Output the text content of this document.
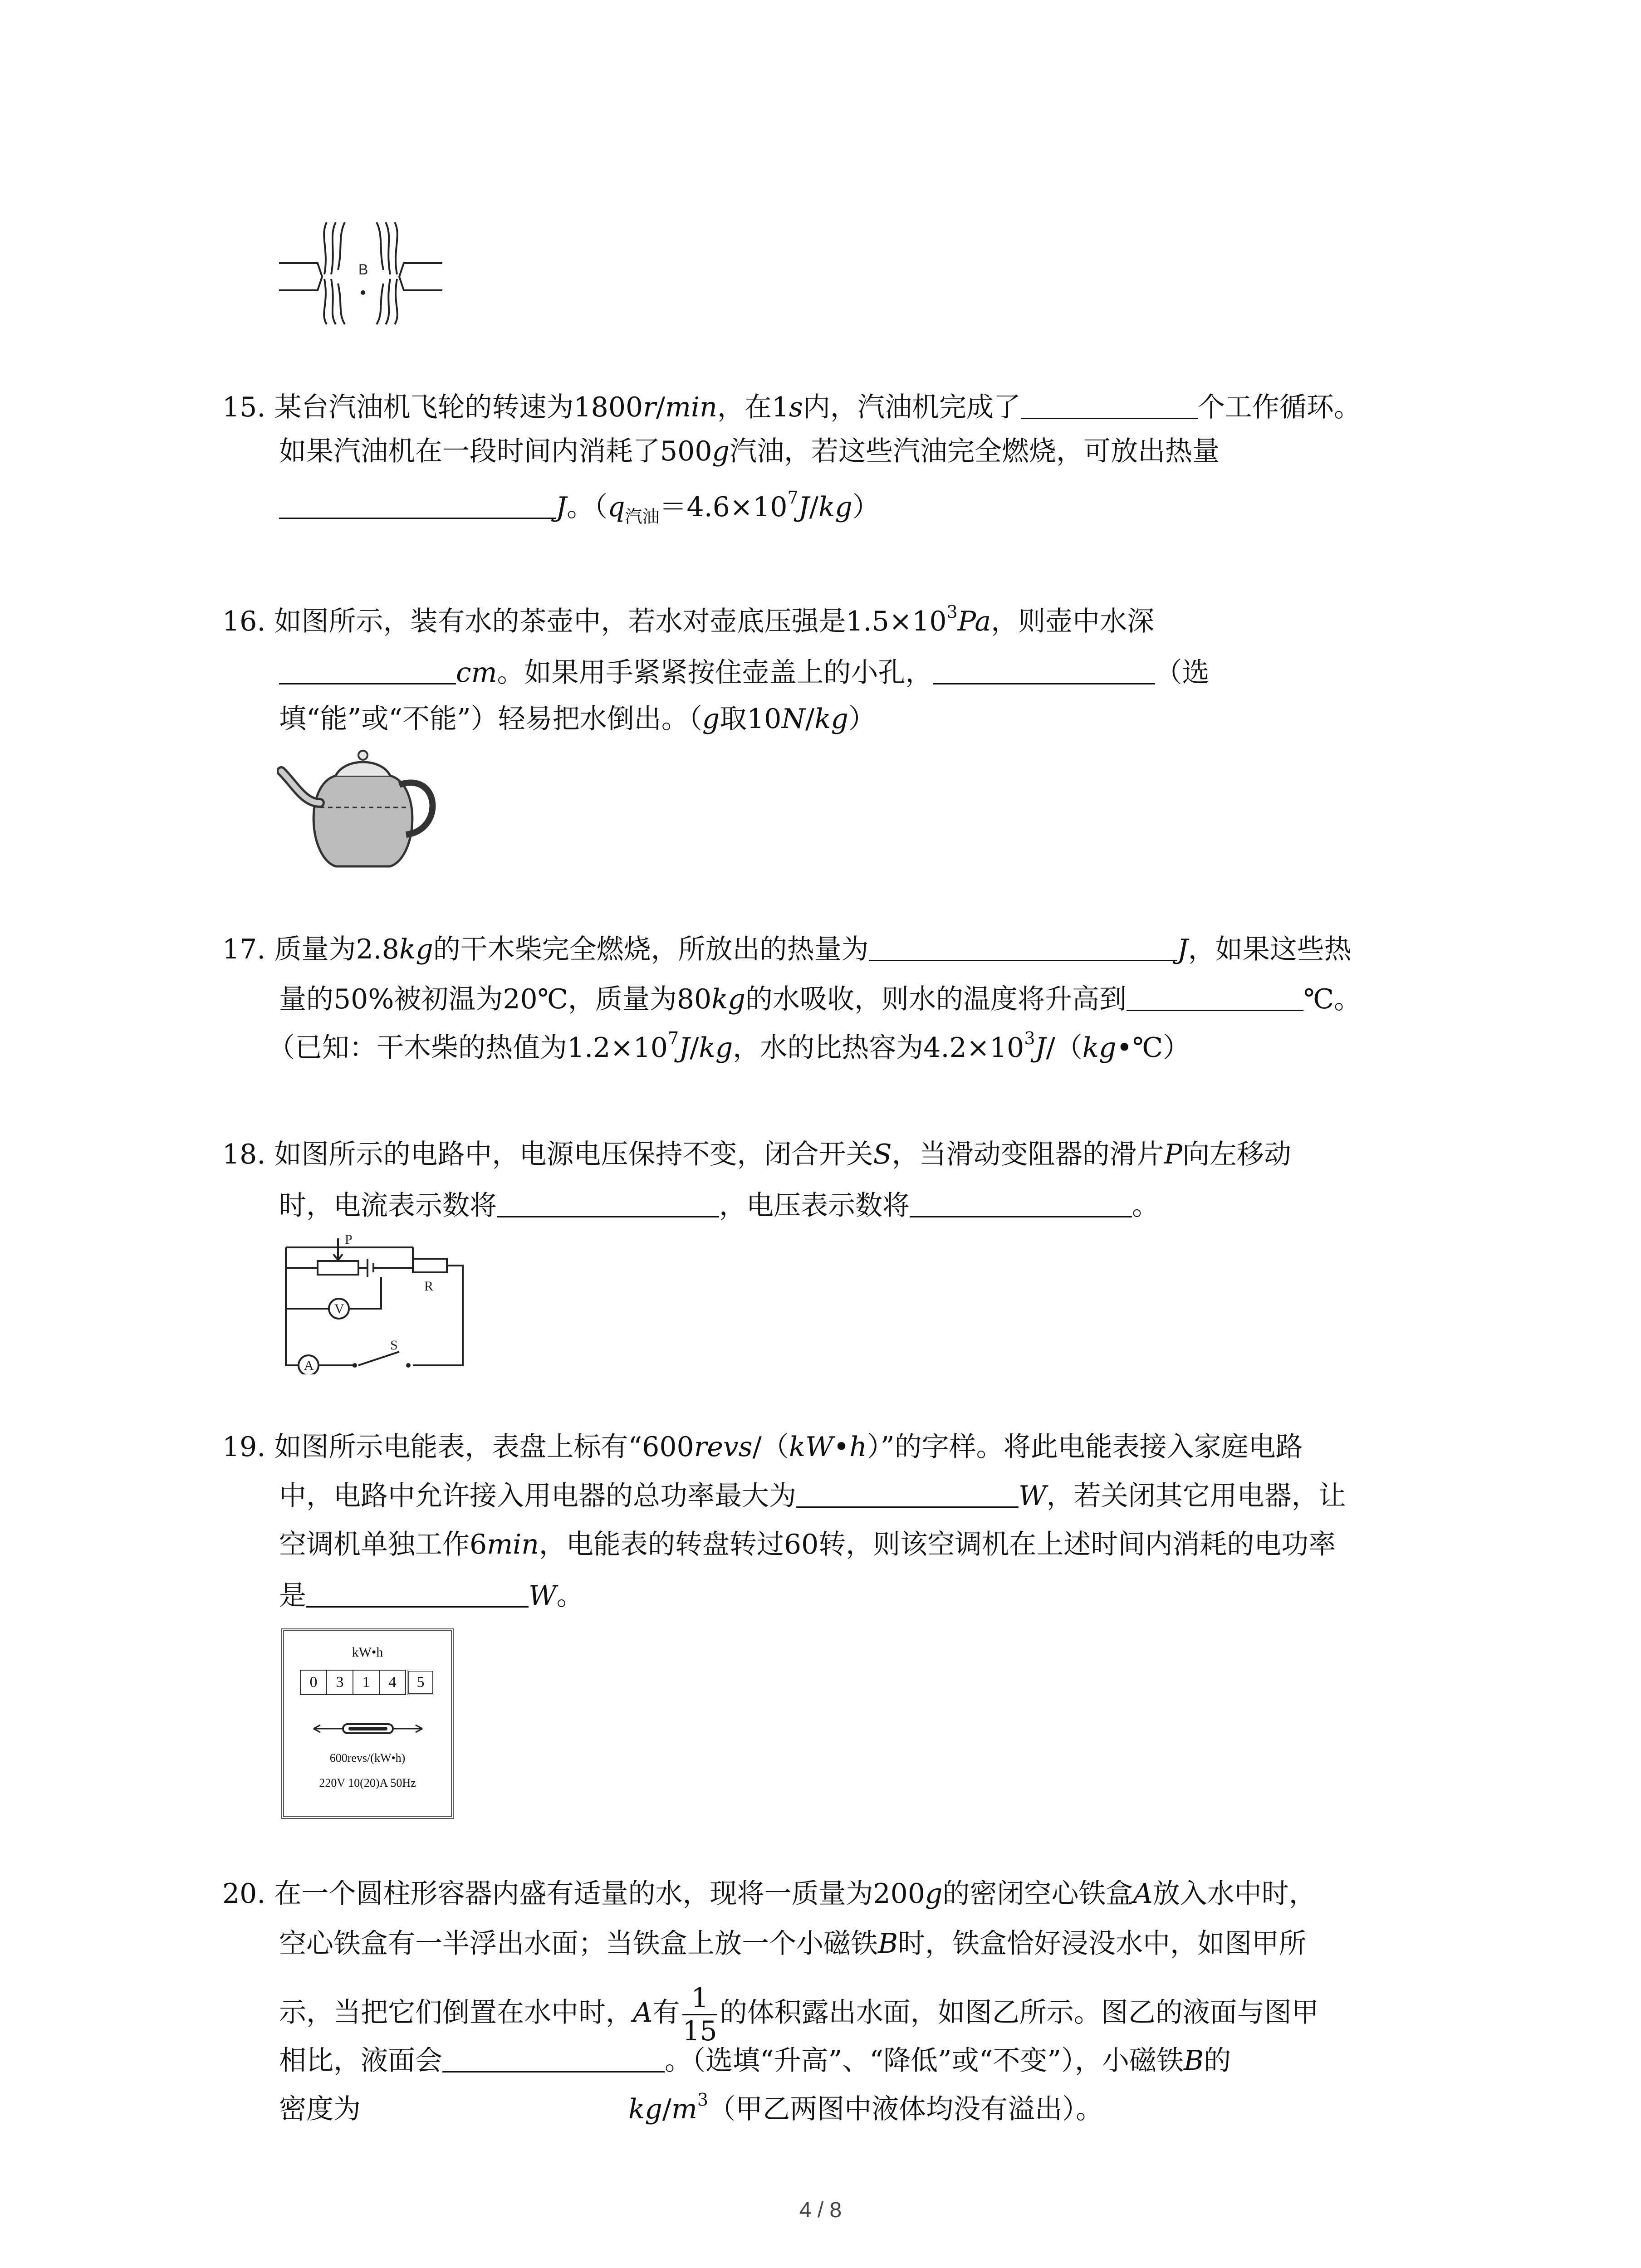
B
15. 某台汽油机飞轮的转速为1800r/min，在1s内，汽油机完成了	个工作循环。
如果汽油机在一段时间内消耗了500g汽油，若这些汽油完全燃烧，可放出热量
J。$(q_{汽油}=4.6\times 10^7J/kg)$
16. 如图所示，装有水的茶壶中，若水对壶底压强是$1.5\times 10^3Pa$，则壶中水深
cm。如果用手紧紧按住壶盖上的小孔，	（选
填“能”或“不能”）轻易把水倒出。（g取10N/kg）
17. 质量为2.8kg的干木柴完全燃烧，所放出的热量为	J，如果这些热
量的50%被初温为20℃，质量为80kg的水吸收，则水的温度将升高到	℃。
（已知：干木柴的热值为$1.2\times 10^7J/kg$，水的比热容为$4.2\times 10^3J/(kg•℃)$
18. 如图所示的电路中，电源电压保持不变，闭合开关S，当滑动变阻器的滑片P向左移动
时，电流表示数将	，电压表示数将	。
P
R
V
A
S
19. 如图所示电能表，表盘上标有“600revs/（kW•h）”的字样。将此电能表接入家庭电路
中，电路中允许接入用电器的总功率最大为	W，若关闭其它用电器，让
空调机单独工作6min，电能表的转盘转过60转，则该空调机在上述时间内消耗的电功率
是	W。
kW•h
0	3	1	4	5
600revs/(kW•h)
220V 10(20)A 50Hz
20. 在一个圆柱形容器内盛有适量的水，现将一质量为200g的密闭空心铁盒A放入水中时，
空心铁盒有一半浮出水面；当铁盒上放一个小磁铁B时，铁盒恰好浸没水中，如图甲所
示，当把它们倒置在水中时，A有 $\frac{1}{15}$ 的体积露出水面，如图乙所示。图乙的液面与图甲
相比，液面会	。（选填“升高”、“降低”或“不变”），小磁铁B的
密度为	$kg/m^3$（甲乙两图中液体均没有溢出）。
4 / 8
